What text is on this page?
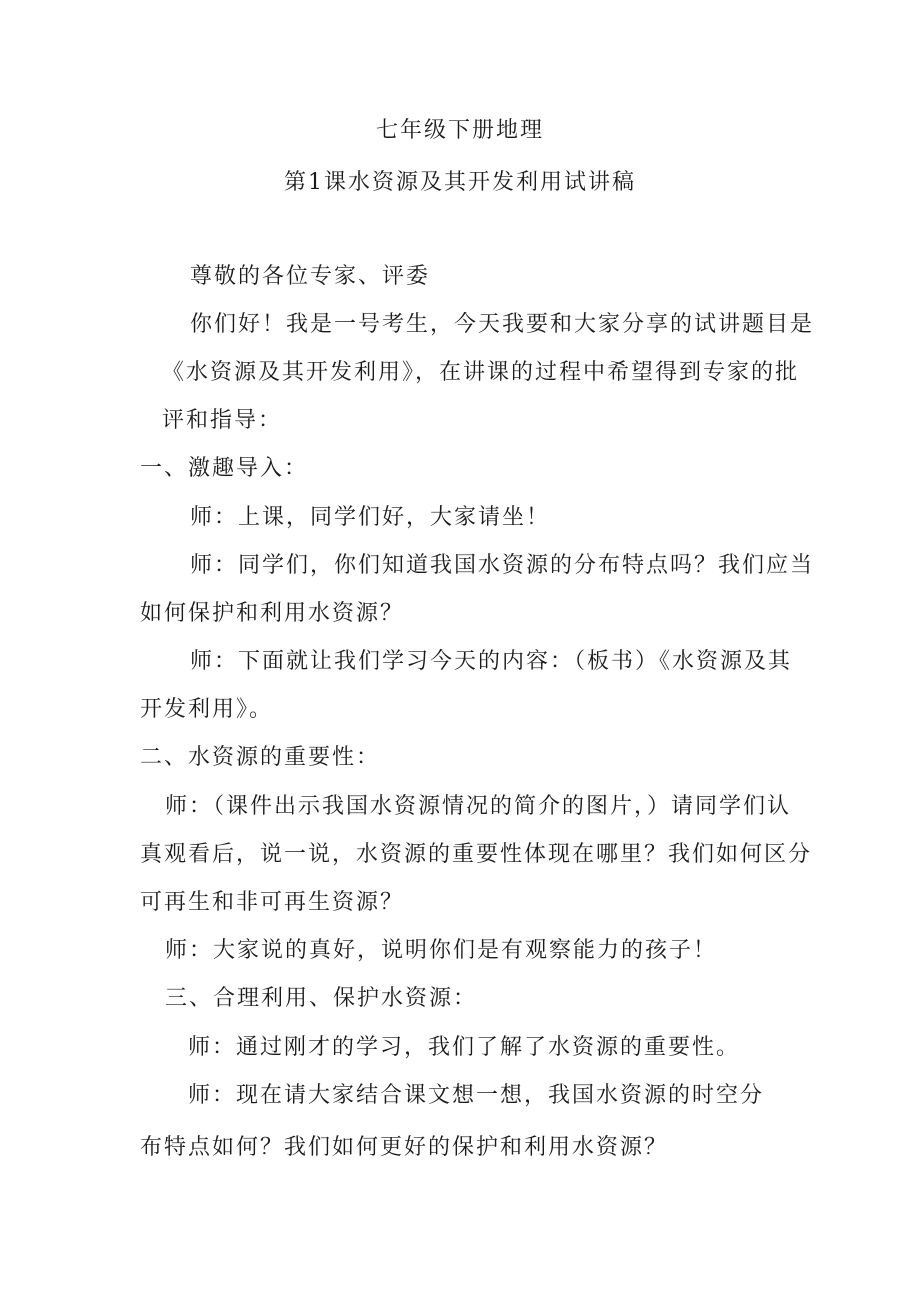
七年级下册地理
第1课水资源及其开发利用试讲稿
尊敬的各位专家、评委
你们好！我是一号考生，今天我要和大家分享的试讲题目是
《水资源及其开发利用》，在讲课的过程中希望得到专家的批
评和指导：
一、激趣导入：
师：上课，同学们好，大家请坐！
师：同学们，你们知道我国水资源的分布特点吗？我们应当
如何保护和利用水资源？
师：下面就让我们学习今天的内容：（板书）《水资源及其
开发利用》。
二、水资源的重要性：
师：（课件出示我国水资源情况的简介的图片，）请同学们认
真观看后，说一说，水资源的重要性体现在哪里？我们如何区分
可再生和非可再生资源？
师：大家说的真好，说明你们是有观察能力的孩子！
三、合理利用、保护水资源：
师：通过刚才的学习，我们了解了水资源的重要性。
师：现在请大家结合课文想一想，我国水资源的时空分
布特点如何？我们如何更好的保护和利用水资源？
